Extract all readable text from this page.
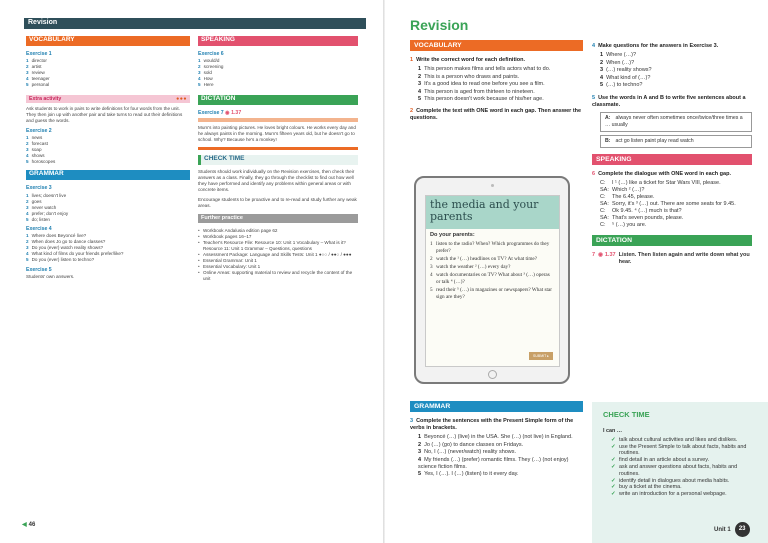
Revision
VOCABULARY
Exercise 1
1 director
2 artist
3 review
4 teenager
5 personal
Extra activity	●●●

Ask students to work in pairs to write definitions for four words from the unit. They then join up with another pair and take turns to read out their definitions and guess the words.

Exercise 2
1 news
2 forecast
3 soap
4 shows
5 horoscopes
GRAMMAR
Exercise 3
1 lives; doesn't live
2 goes
3 never watch
4 prefer; don't enjoy
5 do; listen
Exercise 4
1 Where does Beyoncé live?
2 When does Jo go to dance classes?
3 Do you (ever) watch reality shows?
4 What kind of films do your friends prefer/like?
5 Do you (ever) listen to techno?
Exercise 5

Students' own answers.

SPEAKING
Exercise 6
1 would/d
2 screening
3 sold
4 How
5 Here
DICTATION
Exercise 7 ◉ 1.37

Mum's into painting pictures. He loves bright colours. He works every day and he always paints in the morning. Mum's fifteen years old, but he doesn't go to school. Why? Because he's a monkey!

CHECK TIME

Students should work individually on the Revision exercises, then check their answers as a class. Finally, they go through the checklist to find out how well they have performed and identify any problems within general areas or with concrete items.

Encourage students to be proactive and to re-read and study further any weak areas.

Further practice
• Workbook Andalusia edition page 62
• Workbook pages 16–17
• Teacher's Resource File: Resource 10: Unit 1 Vocabulary – What is it? Resource 11: Unit 1 Grammar – Questions, questions
• Assessment Package: Language and Skills Tests: Unit 1 ●○○ / ●●○ / ●●●
• Essential Grammar: Unit 1
• Essential Vocabulary: Unit 1
• Online Areas: supporting material to review and recycle the content of the unit
◀ 46
Revision
VOCABULARY
1 Write the correct word for each definition.
1 This person makes films and tells actors what to do.
2 This is a person who draws and paints.
3 It's a good idea to read one before you see a film.
4 This person is aged from thirteen to nineteen.
5 This person doesn't work because of his/her age.
2 Complete the text with ONE word in each gap. Then answer the questions.
the media and your parents
Do your parents:
1 listen to the radio? When? Which programmes do they prefer?
2 watch the ¹ (…) headlines on TV? At what time?
3 watch the weather ² (…) every day?
4 watch documentaries on TV? What about ³ (…) operas or talk ⁴ (…)?
5 read their ⁵ (…) in magazines or newspapers? What star sign are they?
SUBMIT ▸
GRAMMAR
3 Complete the sentences with the Present Simple form of the verbs in brackets.
1 Beyoncé (…) (live) in the USA. She (…) (not live) in England.
2 Jo (…) (go) to dance classes on Fridays.
3 No, I (…) (never/watch) reality shows.
4 My friends (…) (prefer) romantic films. They (…) (not enjoy) science fiction films.
5 Yes, I (…). I (…) (listen) to it every day.
4 Make questions for the answers in Exercise 3.
1 Where (…)?
2 When (…)?
3 (…) reality shows?
4 What kind of (…)?
5 (…) to techno?
5 Use the words in A and B to write five sentences about a classmate.
A: always never often sometimes once/twice/three times a … usually
B: act go listen paint play read watch
SPEAKING
6 Complete the dialogue with ONE word in each gap.
C:	I ¹ (…) like a ticket for Star Wars VIII, please.
SA: Which ² (…)?
C:	The 6.45, please.
SA: Sorry, it's ³ (…) out. There are some seats for 9.45.
C:	Ok 9.45. ⁴ (…) much is that?
SA: That's seven pounds, please.
C:	⁵ (…) you are.
DICTATION
7 ◉ 1.37 Listen. Then listen again and write down what you hear.
CHECK TIME
I can …
✓ talk about cultural activities and likes and dislikes.
✓ use the Present Simple to talk about facts, habits and routines.
✓ find detail in an article about a survey.
✓ ask and answer questions about facts, habits and routines.
✓ identify detail in dialogues about media habits.
✓ buy a ticket at the cinema.
✓ write an introduction for a personal webpage.
Unit 1	23
